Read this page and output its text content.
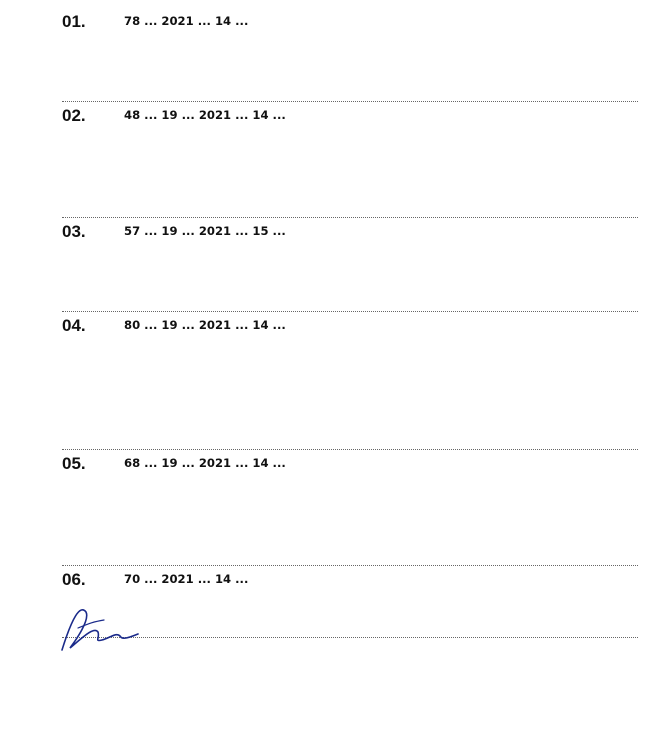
01.	78 ... 2021 ... 14 ...
02.	48 ... 19 ... 2021 ... 14 ...
03.	57 ... 19 ... 2021 ... 15 ...
04.	80 ... 19 ... 2021 ... 14 ...
05.	68 ... 19 ... 2021 ... 14 ...
06.	70 ... 2021 ... 14 ...
